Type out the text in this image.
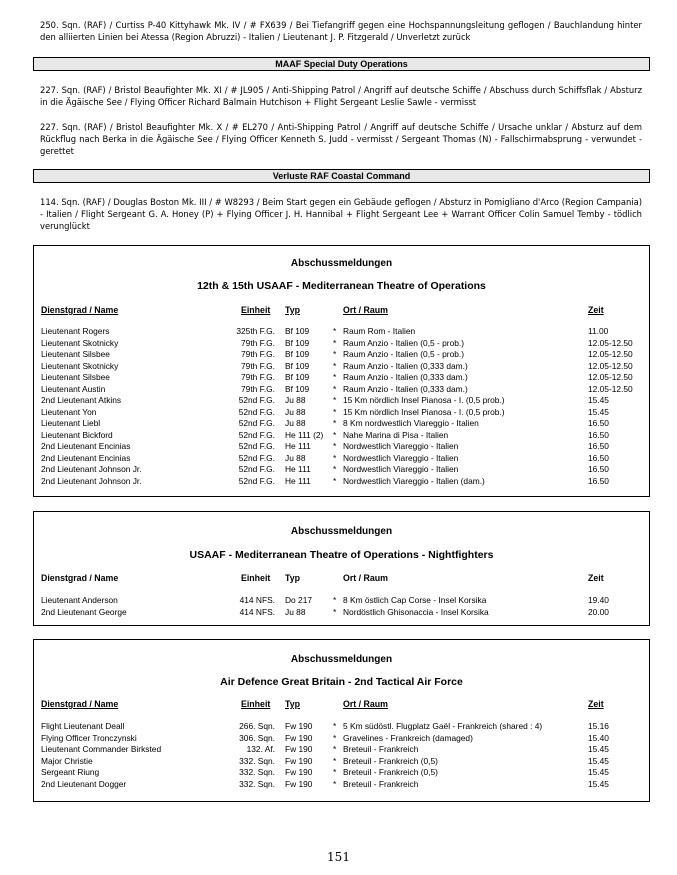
250. Sqn. (RAF) / Curtiss P-40 Kittyhawk Mk. IV / # FX639 / Bei Tiefangriff gegen eine Hochspannungsleitung geflogen / Bauchlandung hinter den alliierten Linien bei Atessa (Region Abruzzi) - Italien / Lieutenant J. P. Fitzgerald / Unverletzt zurück
MAAF Special Duty Operations
227. Sqn. (RAF) / Bristol Beaufighter Mk. XI / # JL905 / Anti-Shipping Patrol / Angriff auf deutsche Schiffe / Abschuss durch Schiffsflak / Absturz in die Ägäische See / Flying Officer Richard Balmain Hutchison + Flight Sergeant Leslie Sawle - vermisst
227. Sqn. (RAF) / Bristol Beaufighter Mk. X / # EL270 / Anti-Shipping Patrol / Angriff auf deutsche Schiffe / Ursache unklar / Absturz auf dem Rückflug nach Berka in die Ägäische See / Flying Officer Kenneth S. Judd - vermisst / Sergeant Thomas (N) - Fallschirmabsprung - verwundet - gerettet
Verluste RAF Coastal Command
114. Sqn. (RAF) / Douglas Boston Mk. III / # W8293 / Beim Start gegen ein Gebäude geflogen / Absturz in Pomigliano d'Arco (Region Campania) - Italien / Flight Sergeant G. A. Honey (P) + Flying Officer J. H. Hannibal + Flight Sergeant Lee + Warrant Officer Colin Samuel Temby - tödlich verunglückt
Abschussmeldungen
12th & 15th USAAF - Mediterranean Theatre of Operations
Dienstgrad / Name	Einheit Typ	Ort / Raum	Zeit
Lieutenant Rogers	325th F.G. Bf 109	* Raum Rom - Italien	11.00
Lieutenant Skotnicky	79th F.G. Bf 109	* Raum Anzio - Italien (0,5 - prob.)	12.05-12.50
Lieutenant Silsbee	79th F.G. Bf 109	* Raum Anzio - Italien (0,5 - prob.)	12.05-12.50
Lieutenant Skotnicky	79th F.G. Bf 109	* Raum Anzio - Italien (0,333 dam.)	12.05-12.50
Lieutenant Silsbee	79th F.G. Bf 109	* Raum Anzio - Italien (0,333 dam.)	12.05-12.50
Lieutenant Austin	79th F.G. Bf 109	* Raum Anzio - Italien (0,333 dam.)	12.05-12.50
2nd Lieutenant Atkins	52nd F.G. Ju 88	* 15 Km nördlich Insel Pianosa - I. (0,5 prob.)	15.45
Lieutenant Yon	52nd F.G. Ju 88	* 15 Km nördlich Insel Pianosa - I. (0,5 prob.)	15.45
Lieutenant Liebl	52nd F.G. Ju 88	* 8 Km nordwestlich Viareggio - Italien	16.50
Lieutenant Bickford	52nd F.G. He 111 (2) * Nahe Marina di Pisa - Italien	16.50
2nd Lieutenant Encinias	52nd F.G. He 111	* Nordwestlich Viareggio - Italien	16.50
2nd Lieutenant Encinias	52nd F.G. Ju 88	* Nordwestlich Viareggio - Italien	16.50
2nd Lieutenant Johnson Jr.	52nd F.G. He 111	* Nordwestlich Viareggio - Italien	16.50
2nd Lieutenant Johnson Jr.	52nd F.G. He 111	* Nordwestlich Viareggio - Italien (dam.)	16.50
Abschussmeldungen
USAAF - Mediterranean Theatre of Operations - Nightfighters
Dienstgrad / Name	Einheit Typ	Ort / Raum	Zeit
Lieutenant Anderson	414 NFS. Do 217 * 8 Km östlich Cap Corse - Insel Korsika	19.40
2nd Lieutenant George	414 NFS. Ju 88	* Nordöstlich Ghisonaccia - Insel Korsika	20.00
Abschussmeldungen
Air Defence Great Britain - 2nd Tactical Air Force
Dienstgrad / Name	Einheit Typ	Ort / Raum	Zeit
Flight Lieutenant Deall	266. Sqn. Fw 190 * 5 Km südöstl. Flugplatz Gaël - Frankreich (shared : 4)	15.16
Flying Officer Tronczynski	306. Sqn. Fw 190 * Gravelines - Frankreich (damaged)	15.40
Lieutenant Commander Birksted	132. Af. Fw 190 * Breteuil - Frankreich	15.45
Major Christie	332. Sqn. Fw 190 * Breteuil - Frankreich (0,5)	15.45
Sergeant Riung	332. Sqn. Fw 190 * Breteuil - Frankreich (0,5)	15.45
2nd Lieutenant Dogger	332. Sqn. Fw 190 * Breteuil - Frankreich	15.45
151
